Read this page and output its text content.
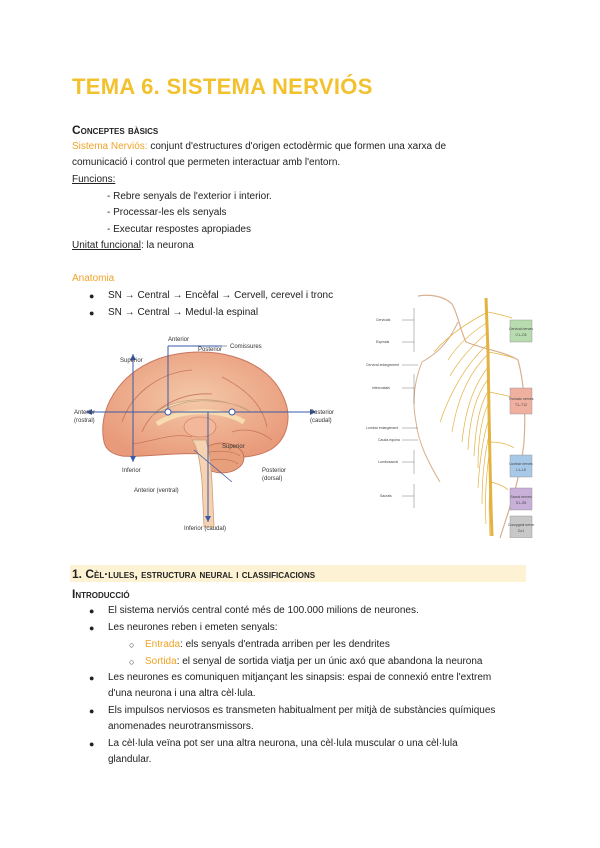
TEMA 6. SISTEMA NERVIÓS
Conceptes bàsics
Sistema Nerviós: conjunt d'estructures d'origen ectodèrmic que formen una xarxa de
comunicació i control que permeten interactuar amb l'entorn.
Funcions:
- Rebre senyals de l'exterior i interior.
- Processar-les els senyals
- Executar respostes apropiades
Unitat funcional: la neurona
Anatomia
● SN → Central → Encèfal → Cervell, cerevel i tronc
● SN → Central → Medul·la espinal
Anterior
Posterior Comissures
Superior
Anterior
(rostral)
Posterior
(caudal)
Inferior
Superior
Posterior
(dorsal)
Anterior (ventral)
Inferior (caudal)
Cervicals
Espinals
Cervical enlargement
Intercostals
Lumbar enlargement
Cauda equina
Lumbosacral
Sacrals
Cervical nerves
C1–C8
Thoracic nerves
T1–T12
Lumbar nerves
L1–L5
Sacral nerves
S1–S5
Coccygeal nerve
Co1
1. Cèl·lules, estructura neural i classificacions
Introducció
● El sistema nerviós central conté més de 100.000 milions de neurones.
● Les neurones reben i emeten senyals:
○ Entrada: els senyals d'entrada arriben per les dendrites
○ Sortida: el senyal de sortida viatja per un únic axó que abandona la neurona
● Les neurones es comuniquen mitjançant les sinapsis: espai de connexió entre l'extrem
d'una neurona i una altra cèl·lula.
● Els impulsos nerviosos es transmeten habitualment per mitjà de substàncies químiques
anomenades neurotransmissors.
● La cèl·lula veïna pot ser una altra neurona, una cèl·lula muscular o una cèl·lula
glandular.
